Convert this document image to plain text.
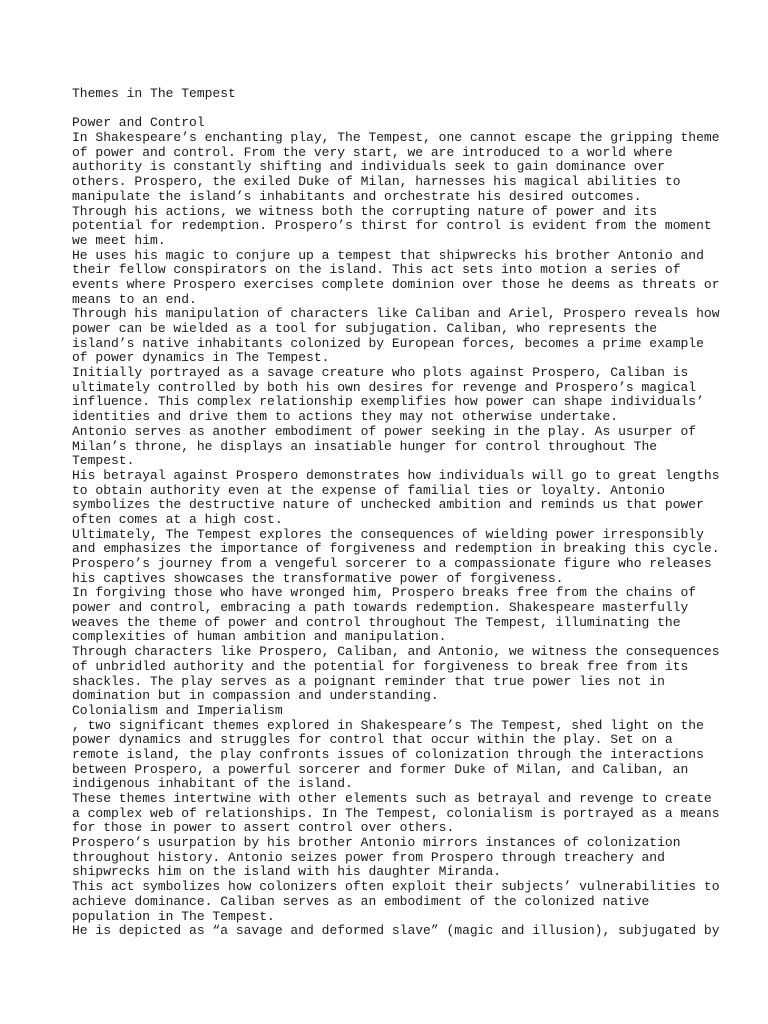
Themes in The Tempest
Power and Control
In Shakespeare’s enchanting play, The Tempest, one cannot escape the gripping theme
of power and control. From the very start, we are introduced to a world where
authority is constantly shifting and individuals seek to gain dominance over
others. Prospero, the exiled Duke of Milan, harnesses his magical abilities to
manipulate the island’s inhabitants and orchestrate his desired outcomes.
Through his actions, we witness both the corrupting nature of power and its
potential for redemption. Prospero’s thirst for control is evident from the moment
we meet him.
He uses his magic to conjure up a tempest that shipwrecks his brother Antonio and
their fellow conspirators on the island. This act sets into motion a series of
events where Prospero exercises complete dominion over those he deems as threats or
means to an end.
Through his manipulation of characters like Caliban and Ariel, Prospero reveals how
power can be wielded as a tool for subjugation. Caliban, who represents the
island’s native inhabitants colonized by European forces, becomes a prime example
of power dynamics in The Tempest.
Initially portrayed as a savage creature who plots against Prospero, Caliban is
ultimately controlled by both his own desires for revenge and Prospero’s magical
influence. This complex relationship exemplifies how power can shape individuals’
identities and drive them to actions they may not otherwise undertake.
Antonio serves as another embodiment of power seeking in the play. As usurper of
Milan’s throne, he displays an insatiable hunger for control throughout The
Tempest.
His betrayal against Prospero demonstrates how individuals will go to great lengths
to obtain authority even at the expense of familial ties or loyalty. Antonio
symbolizes the destructive nature of unchecked ambition and reminds us that power
often comes at a high cost.
Ultimately, The Tempest explores the consequences of wielding power irresponsibly
and emphasizes the importance of forgiveness and redemption in breaking this cycle.
Prospero’s journey from a vengeful sorcerer to a compassionate figure who releases
his captives showcases the transformative power of forgiveness.
In forgiving those who have wronged him, Prospero breaks free from the chains of
power and control, embracing a path towards redemption. Shakespeare masterfully
weaves the theme of power and control throughout The Tempest, illuminating the
complexities of human ambition and manipulation.
Through characters like Prospero, Caliban, and Antonio, we witness the consequences
of unbridled authority and the potential for forgiveness to break free from its
shackles. The play serves as a poignant reminder that true power lies not in
domination but in compassion and understanding.
Colonialism and Imperialism
, two significant themes explored in Shakespeare’s The Tempest, shed light on the
power dynamics and struggles for control that occur within the play. Set on a
remote island, the play confronts issues of colonization through the interactions
between Prospero, a powerful sorcerer and former Duke of Milan, and Caliban, an
indigenous inhabitant of the island.
These themes intertwine with other elements such as betrayal and revenge to create
a complex web of relationships. In The Tempest, colonialism is portrayed as a means
for those in power to assert control over others.
Prospero’s usurpation by his brother Antonio mirrors instances of colonization
throughout history. Antonio seizes power from Prospero through treachery and
shipwrecks him on the island with his daughter Miranda.
This act symbolizes how colonizers often exploit their subjects’ vulnerabilities to
achieve dominance. Caliban serves as an embodiment of the colonized native
population in The Tempest.
He is depicted as “a savage and deformed slave” (magic and illusion), subjugated by
